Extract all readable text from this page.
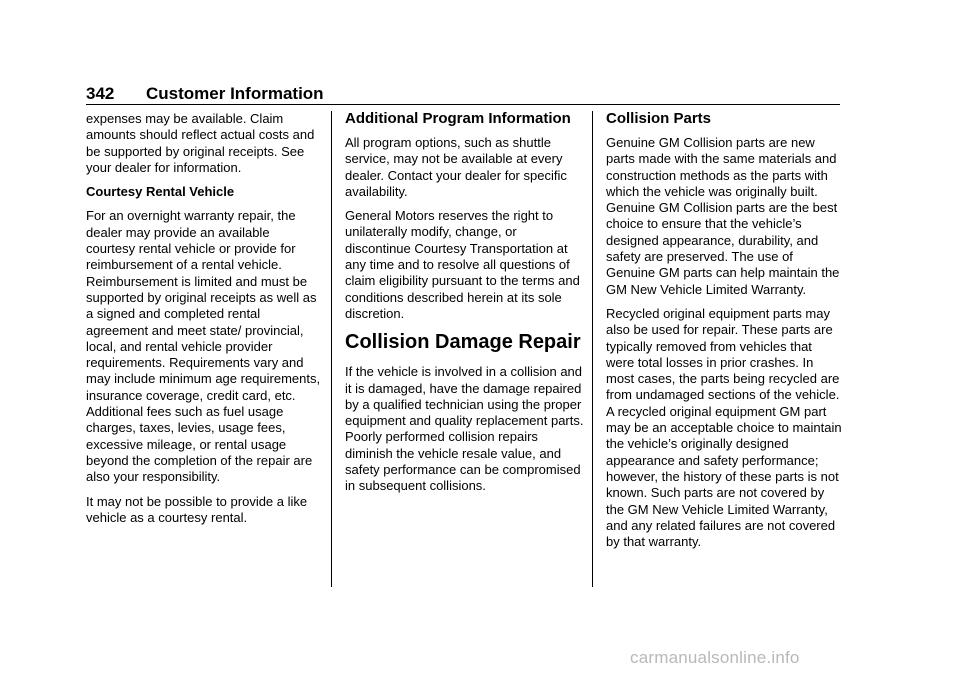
342 Customer Information

expenses may be available. Claim amounts should reflect actual costs and be supported by original receipts. See your dealer for information.

Courtesy Rental Vehicle

For an overnight warranty repair, the dealer may provide an available courtesy rental vehicle or provide for reimbursement of a rental vehicle. Reimbursement is limited and must be supported by original receipts as well as a signed and completed rental agreement and meet state/ provincial, local, and rental vehicle provider requirements. Requirements vary and may include minimum age requirements, insurance coverage, credit card, etc. Additional fees such as fuel usage charges, taxes, levies, usage fees, excessive mileage, or rental usage beyond the completion of the repair are also your responsibility.

It may not be possible to provide a like vehicle as a courtesy rental.

Additional Program Information

All program options, such as shuttle service, may not be available at every dealer. Contact your dealer for specific availability.

General Motors reserves the right to unilaterally modify, change, or discontinue Courtesy Transportation at any time and to resolve all questions of claim eligibility pursuant to the terms and conditions described herein at its sole discretion.

Collision Damage Repair

If the vehicle is involved in a collision and it is damaged, have the damage repaired by a qualified technician using the proper equipment and quality replacement parts. Poorly performed collision repairs diminish the vehicle resale value, and safety performance can be compromised in subsequent collisions.

Collision Parts

Genuine GM Collision parts are new parts made with the same materials and construction methods as the parts with which the vehicle was originally built. Genuine GM Collision parts are the best choice to ensure that the vehicle’s designed appearance, durability, and safety are preserved. The use of Genuine GM parts can help maintain the GM New Vehicle Limited Warranty.

Recycled original equipment parts may also be used for repair. These parts are typically removed from vehicles that were total losses in prior crashes. In most cases, the parts being recycled are from undamaged sections of the vehicle. A recycled original equipment GM part may be an acceptable choice to maintain the vehicle’s originally designed appearance and safety performance; however, the history of these parts is not known. Such parts are not covered by the GM New Vehicle Limited Warranty, and any related failures are not covered by that warranty.

carmanualsonline.info
